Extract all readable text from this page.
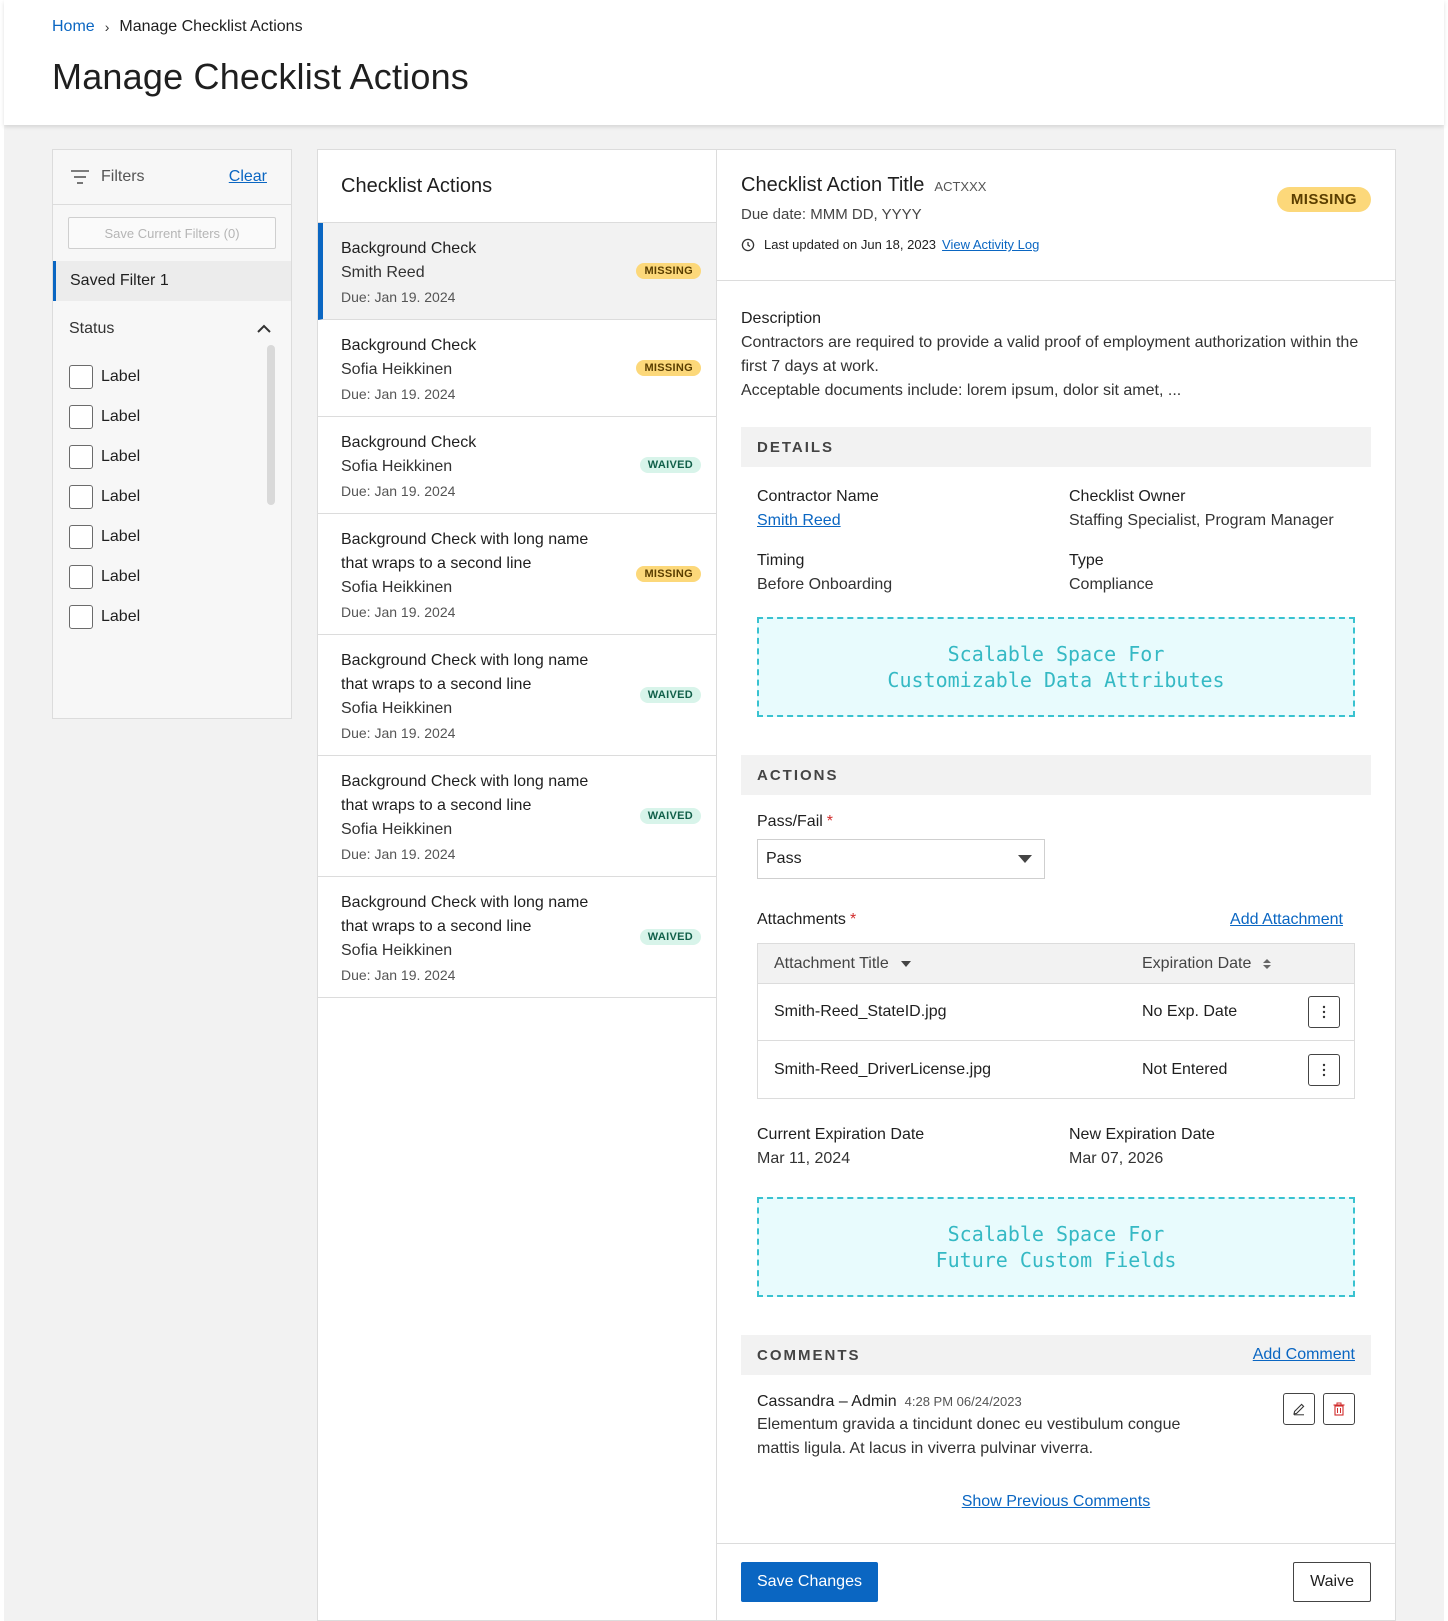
Home › Manage Checklist Actions
Manage Checklist Actions
Filters	Clear
Save Current Filters (0)
Saved Filter 1
Status
Label
Label
Label
Label
Label
Label
Label
Checklist Actions
Background Check
Smith Reed
Due: Jan 19. 2024
MISSING
Background Check
Sofia Heikkinen
Due: Jan 19. 2024
MISSING
Background Check
Sofia Heikkinen
Due: Jan 19. 2024
WAIVED
Background Check with long name that wraps to a second line
Sofia Heikkinen
Due: Jan 19. 2024
MISSING
Background Check with long name that wraps to a second line
Sofia Heikkinen
Due: Jan 19. 2024
WAIVED
Background Check with long name that wraps to a second line
Sofia Heikkinen
Due: Jan 19. 2024
WAIVED
Background Check with long name that wraps to a second line
Sofia Heikkinen
Due: Jan 19. 2024
WAIVED
Checklist Action Title ACTXXX
Due date: MMM DD, YYYY
Last updated on Jun 18, 2023 View Activity Log
MISSING
Description
Contractors are required to provide a valid proof of employment authorization within the first 7 days at work.
Acceptable documents include: lorem ipsum, dolor sit amet, ...
DETAILS
Contractor Name
Smith Reed
Checklist Owner
Staffing Specialist, Program Manager
Timing
Before Onboarding
Type
Compliance
Scalable Space For
Customizable Data Attributes
ACTIONS
Pass/Fail *
Pass
Attachments *	Add Attachment
Attachment Title	Expiration Date
Smith-Reed_StateID.jpg	No Exp. Date
Smith-Reed_DriverLicense.jpg	Not Entered
Current Expiration Date
Mar 11, 2024
New Expiration Date
Mar 07, 2026
Scalable Space For
Future Custom Fields
COMMENTS	Add Comment
Cassandra – Admin 4:28 PM 06/24/2023
Elementum gravida a tincidunt donec eu vestibulum congue mattis ligula. At lacus in viverra pulvinar viverra.
Show Previous Comments
Save Changes	Waive
